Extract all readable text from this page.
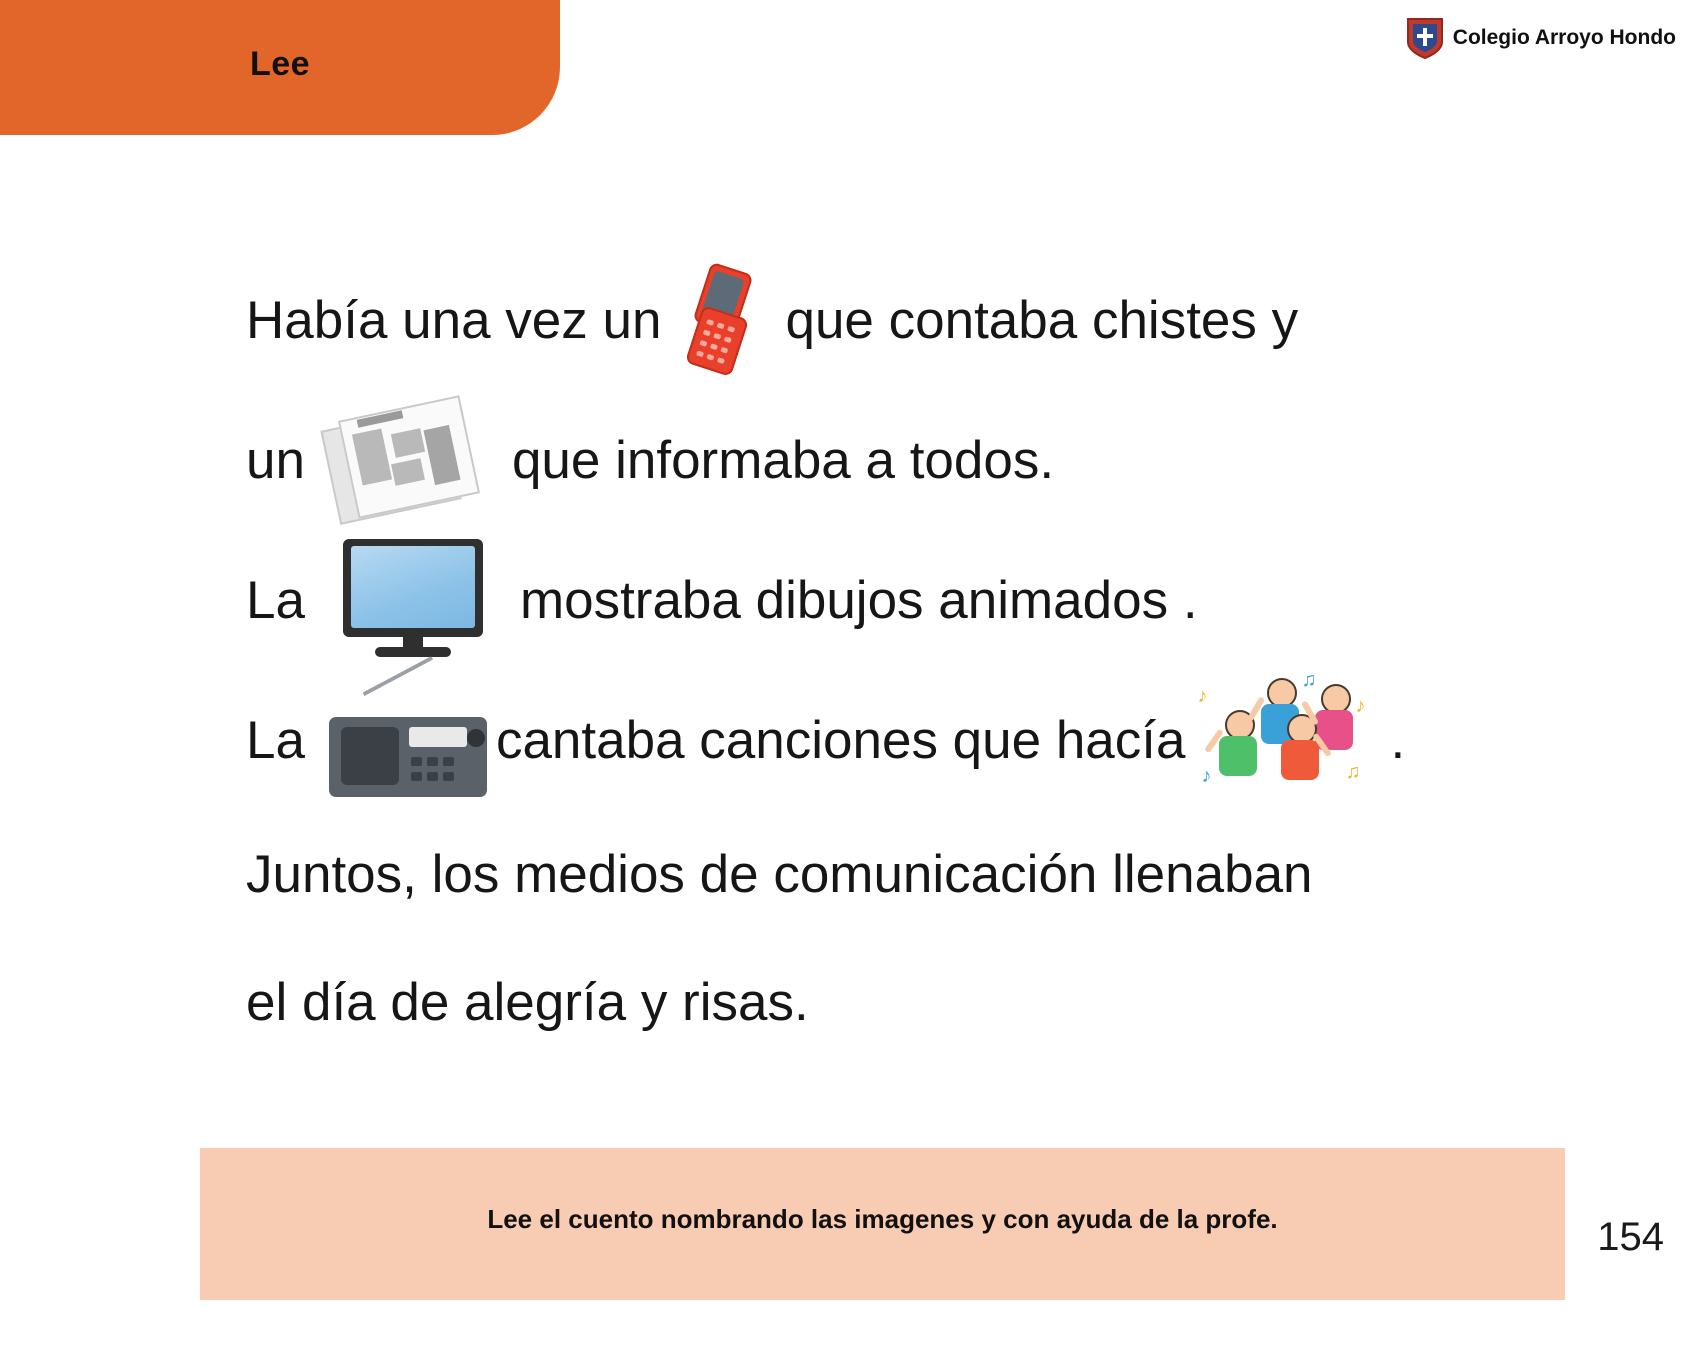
Lee
Colegio Arroyo Hondo
Había una vez un que contaba chistes y
un	que informaba a todos.
La	mostraba dibujos animados .
La	cantaba canciones que hacía
♪
♫
♪
♪	♫
.
Juntos, los medios de comunicación llenaban
el día de alegría y risas.
Lee el cuento nombrando las imagenes y con ayuda de la profe.	154
